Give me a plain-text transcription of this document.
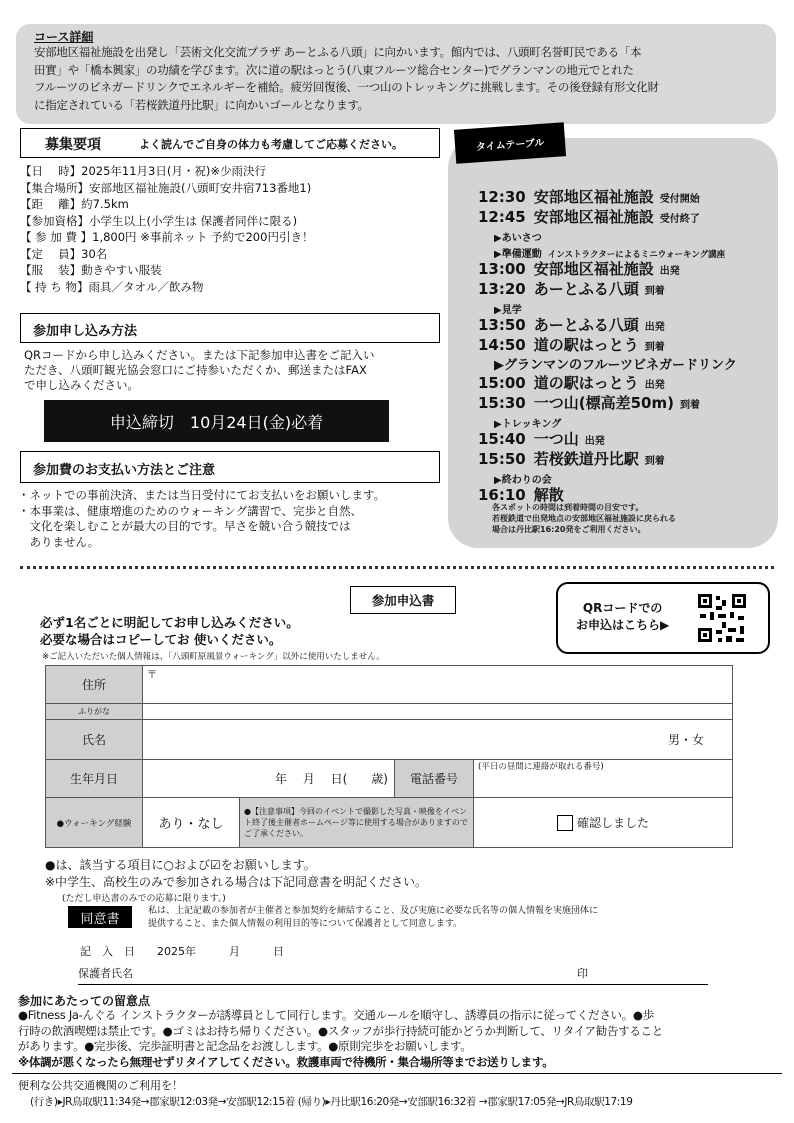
コース詳細
安部地区福祉施設を出発し「芸術文化交流プラザ あーとふる八頭」に向かいます。館内では、八頭町名誉町民である「本
田實」や「橋本興家」の功績を学びます。次に道の駅はっとう(八東フルーツ総合センター)でグランマンの地元でとれた
フルーツのビネガードリンクでエネルギーを補給。疲労回復後、一つ山のトレッキングに挑戦します。その後登録有形文化財
に指定されている「若桜鉄道丹比駅」に向かいゴールとなります。
募集要項	よく読んでご自身の体力も考慮してご応募ください。
【日　 時】2025年11月3日(月・祝)※少雨決行
【集合場所】安部地区福祉施設(八頭町安井宿713番地1)
【距　 離】約7.5km
【参加資格】小学生以上(小学生は 保護者同伴に限る)
【 参 加 費 】1,800円 ※事前ネット 予約で200円引き！
【定　 員】30名
【服　 装】動きやすい服装
【 持 ち 物】雨具／タオル／飲み物
参加申し込み方法
QRコードから申し込みください。または下記参加申込書をご記入い
ただき、八頭町観光協会窓口にご持参いただくか、郵送またはFAX
で申し込みください。
申込締切　10月24日(金)必着
参加費のお支払い方法とご注意
・ネットでの事前決済、または当日受付にてお支払いをお願いします。
・本事業は、健康増進のためのウォーキング講習で、完歩と自然、
　文化を楽しむことが最大の目的です。早さを競い合う競技では
　ありません。
12:30 安部地区福祉施設 受付開始
12:45 安部地区福祉施設 受付終了
▶あいさつ
▶準備運動 インストラクターによるミニウォーキング講座
13:00 安部地区福祉施設 出発
13:20 あーとふる八頭 到着
▶見学
13:50 あーとふる八頭 出発
14:50 道の駅はっとう 到着
▶グランマンのフルーツビネガードリンク
15:00 道の駅はっとう 出発
15:30 一つ山(標高差50m) 到着
▶トレッキング
15:40 一つ山 出発
15:50 若桜鉄道丹比駅 到着
▶終わりの会
16:10 解散
各スポットの時間は到着時間の目安です。
若桜鉄道で出発地点の安部地区福祉施設に戻られる
場合は丹比駅16:20発をご利用ください。
タイムテーブル
参加申込書	QRコードでの
お申込はこちら▶
必ず1名ごとに明記してお申し込みください。
必要な場合はコピーしてお 使いください。
※ご記入いただいた個人情報は、「八頭町原風景ウォーキング」以外に使用いたしません。
住所	〒			
ふりがな				
氏名	男・女			
生年月日	年　 月　 日(　　歳)		電話番号	(平日の昼間に連絡が取れる番号)
●ウォーキング経験	あり・なし	●【注意事項】今回のイベントで撮影した写真・映像をイベント終了後主催者ホームページ等に使用する場合がありますのでご了承ください。		確認しました
●は、該当する項目に○および☑をお願いします。
※中学生、高校生のみで参加される場合は下記同意書を明記ください。
(ただし申込書のみでの応募に限ります。)
同意書
私は、上記記載の参加者が主催者と参加契約を締結すること、及び実施に必要な氏名等の個人情報を実施団体に
提供すること、また個人情報の利用目的等について保護者として同意します。
記　入　日　　2025年　　　月　　　日
保護者氏名	印
参加にあたっての留意点
●Fitness Ja-んぐる インストラクターが誘導員として同行します。交通ルールを順守し、誘導員の指示に従ってください。●歩
行時の飲酒喫煙は禁止です。●ゴミはお持ち帰りください。●スタッフが歩行持続可能かどうか判断して、リタイア勧告すること
があります。●完歩後、完歩証明書と記念品をお渡しします。●原則完歩をお願いします。
※体調が悪くなったら無理せずリタイアしてください。救護車両で待機所・集合場所等までお送りします。
便利な公共交通機関のご利用を！
(行き)▸JR鳥取駅11:34発→郡家駅12:03発→安部駅12:15着 (帰り)▸丹比駅16:20発→安部駅16:32着 →郡家駅17:05発→JR鳥取駅17:19
